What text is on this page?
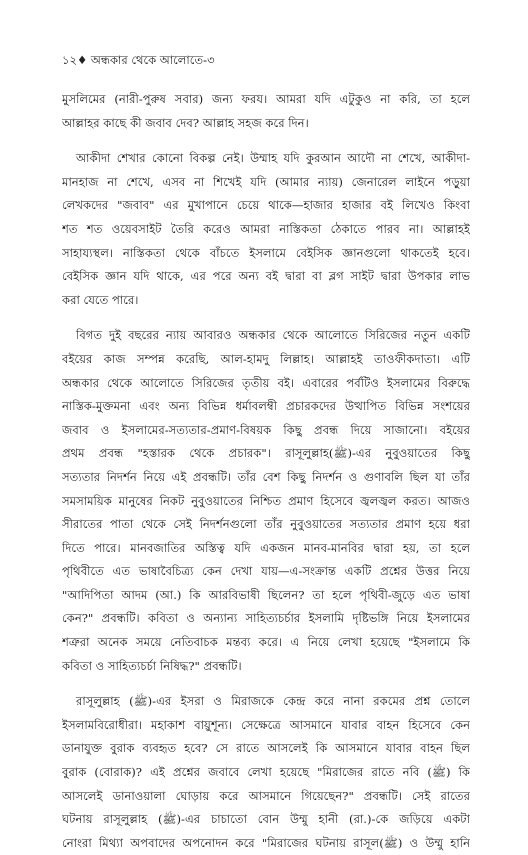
১২♦ অন্ধকার থেকে আলোতে-৩
মুসলিমের (নারী-পুরুষ সবার) জন্য ফরয। আমরা যদি এটুকুও না করি, তা হলে
আল্লাহর কাছে কী জবাব দেব? আল্লাহ সহজ করে দিন।
আকীদা শেখার কোনো বিকল্প নেই। উম্মাহ যদি কুরআন আদৌ না শেখে, আকীদা-
মানহাজ না শেখে, এসব না শিখেই যদি (আমার ন্যায়) জেনারেল লাইনে পড়ুয়া
লেখকদের "জবাব" এর মুখাপানে চেয়ে থাকে—হাজার হাজার বই লিখেও কিংবা
শত শত ওয়েবসাইট তৈরি করেও আমরা নাস্তিকতা ঠেকাতে পারব না। আল্লাহই
সাহায্যস্থল। নাস্তিকতা থেকে বাঁচতে ইসলামে বেইসিক জ্ঞানগুলো থাকতেই হবে।
বেইসিক জ্ঞান যদি থাকে, এর পরে অন্য বই দ্বারা বা ব্লগ সাইট দ্বারা উপকার লাভ
করা যেতে পারে।
বিগত দুই বছরের ন্যায় আবারও অন্ধকার থেকে আলোতে সিরিজের নতুন একটি
বইয়ের কাজ সম্পন্ন করেছি, আল-হামদু লিল্লাহ। আল্লাহই তাওফীকদাতা। এটি
অন্ধকার থেকে আলোতে সিরিজের তৃতীয় বই। এবারের পর্বটিও ইসলামের বিরুদ্ধে
নাস্তিক-মুক্তমনা এবং অন্য বিভিন্ন ধর্মাবলম্বী প্রচারকদের উত্থাপিত বিভিন্ন সংশয়ের
জবাব ও ইসলামের-সত্যতার-প্রমাণ-বিষয়ক কিছু প্রবন্ধ দিয়ে সাজানো। বইয়ের
প্রথম প্রবন্ধ "হস্তারক থেকে প্রচারক"। রাসূলুল্লাহ(ﷺ)-এর নুবুওয়াতের কিছু
সত্যতার নিদর্শন নিয়ে এই প্রবন্ধটি। তাঁর বেশ কিছু নিদর্শন ও গুণাবলি ছিল যা তাঁর
সমসাময়িক মানুষের নিকট নুবুওয়াতের নিশ্চিত প্রমাণ হিসেবে জ্বলজ্বল করত। আজও
সীরাতের পাতা থেকে সেই নিদর্শনগুলো তাঁর নুবুওয়াতের সত্যতার প্রমাণ হয়ে ধরা
দিতে পারে। মানবজাতির অস্তিত্ব যদি একজন মানব-মানবির দ্বারা হয়, তা হলে
পৃথিবীতে এত ভাষাবৈচিত্র্য কেন দেখা যায়—এ-সংক্রান্ত একটি প্রশ্নের উত্তর নিয়ে
"আদিপিতা আদম (আ.) কি আরবিভাষী ছিলেন? তা হলে পৃথিবী-জুড়ে এত ভাষা
কেন?" প্রবন্ধটি। কবিতা ও অন্যান্য সাহিত্যচর্চার ইসলামি দৃষ্টিভঙ্গি নিয়ে ইসলামের
শত্রুরা অনেক সময়ে নেতিবাচক মন্তব্য করে। এ নিয়ে লেখা হয়েছে "ইসলামে কি
কবিতা ও সাহিত্যচর্চা নিষিদ্ধ?" প্রবন্ধটি।
রাসূলুল্লাহ (ﷺ)-এর ইসরা ও মিরাজকে কেন্দ্র করে নানা রকমের প্রশ্ন তোলে
ইসলামবিরোধীরা। মহাকাশ বায়ুশূন্য। সেক্ষেত্রে আসমানে যাবার বাহন হিসেবে কেন
ডানাযুক্ত বুরাক ব্যবহৃত হবে? সে রাতে আসলেই কি আসমানে যাবার বাহন ছিল
বুরাক (বোরাক)? এই প্রশ্নের জবাবে লেখা হয়েছে "মিরাজের রাতে নবি (ﷺ) কি
আসলেই ডানাওয়ালা ঘোড়ায় করে আসমানে গিয়েছেন?" প্রবন্ধটি। সেই রাতের
ঘটনায় রাসূলুল্লাহ (ﷺ)-এর চাচাতো বোন উম্মু হানী (রা.)-কে জড়িয়ে একটা
নোংরা মিথ্যা অপবাদের অপনোদন করে "মিরাজের ঘটনায় রাসূল(ﷺ) ও উম্মু হানি
